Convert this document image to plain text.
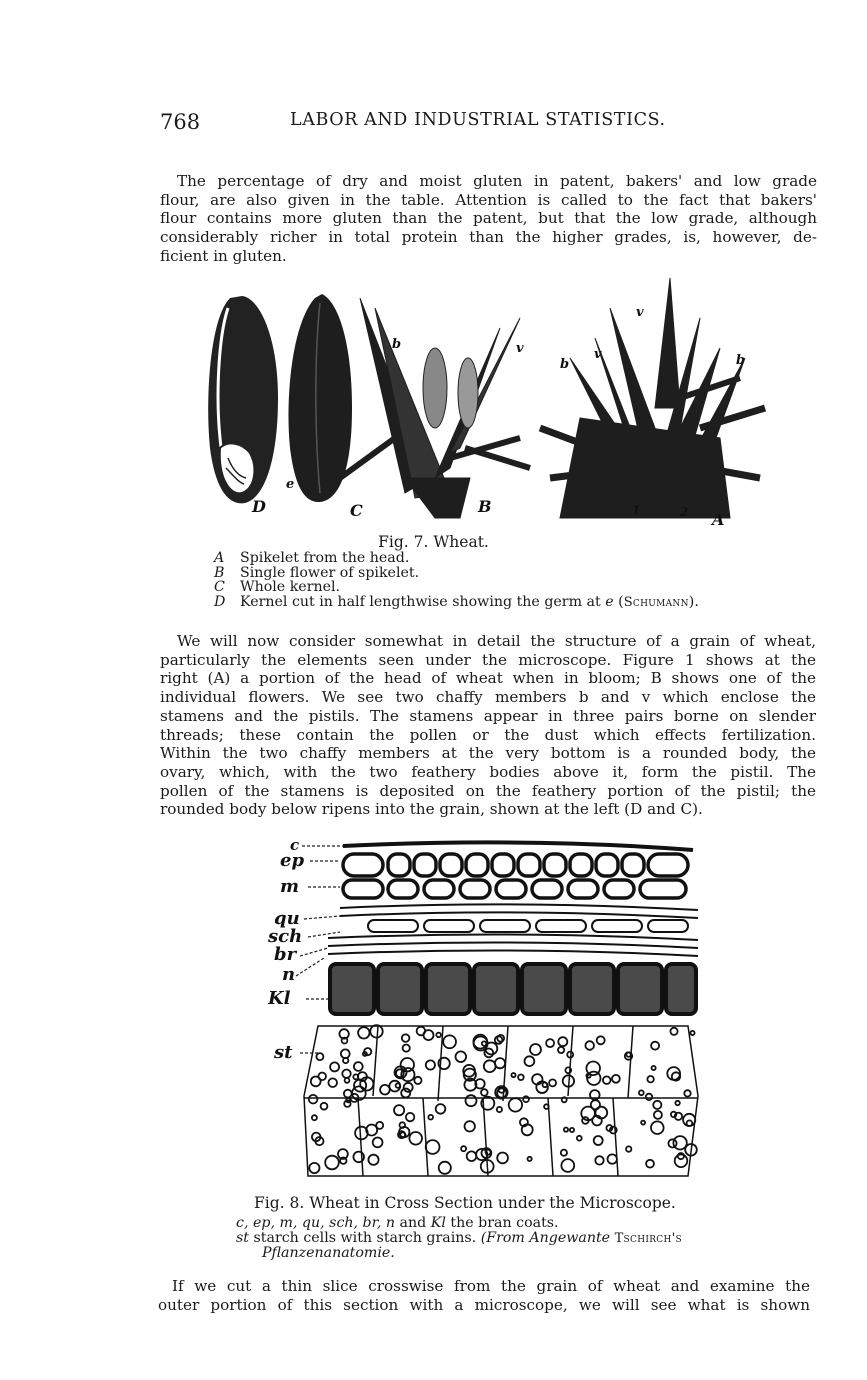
768	LABOR AND INDUSTRIAL STATISTICS.

The percentage of dry and moist gluten in patent, bakers' and low grade
flour, are also given in the table. Attention is called to the fact that bakers'
flour contains more gluten than the patent, but that the low grade, although
considerably richer in total protein than the higher grades, is, however, de-
ficient in gluten.

D
e
C	B
A
b	v
b
v
v
b
1	2
Fig. 7. Wheat.
A Spikelet from the head.
B Single flower of spikelet.
C Whole kernel.
D Kernel cut in half lengthwise showing the germ at e (Schumann).

We will now consider somewhat in detail the structure of a grain of wheat,
particularly the elements seen under the microscope. Figure 1 shows at the
right (A) a portion of the head of wheat when in bloom; B shows one of the
individual flowers. We see two chaffy members b and v which enclose the
stamens and the pistils. The stamens appear in three pairs borne on slender
threads; these contain the pollen or the dust which effects fertilization.
Within the two chaffy members at the very bottom is a rounded body, the
ovary, which, with the two feathery bodies above it, form the pistil. The
pollen of the stamens is deposited on the feathery portion of the pistil; the
rounded body below ripens into the grain, shown at the left (D and C).

c
ep
m
qu
sch
br
n
Kl
st
Fig. 8. Wheat in Cross Section under the Microscope.
c, ep, m, qu, sch, br, n and Kl the bran coats.
st starch cells with starch grains. (From Angewante Tschirch's
Pflanzenanatomie.

If we cut a thin slice crosswise from the grain of wheat and examine the
outer portion of this section with a microscope, we will see what is shown
